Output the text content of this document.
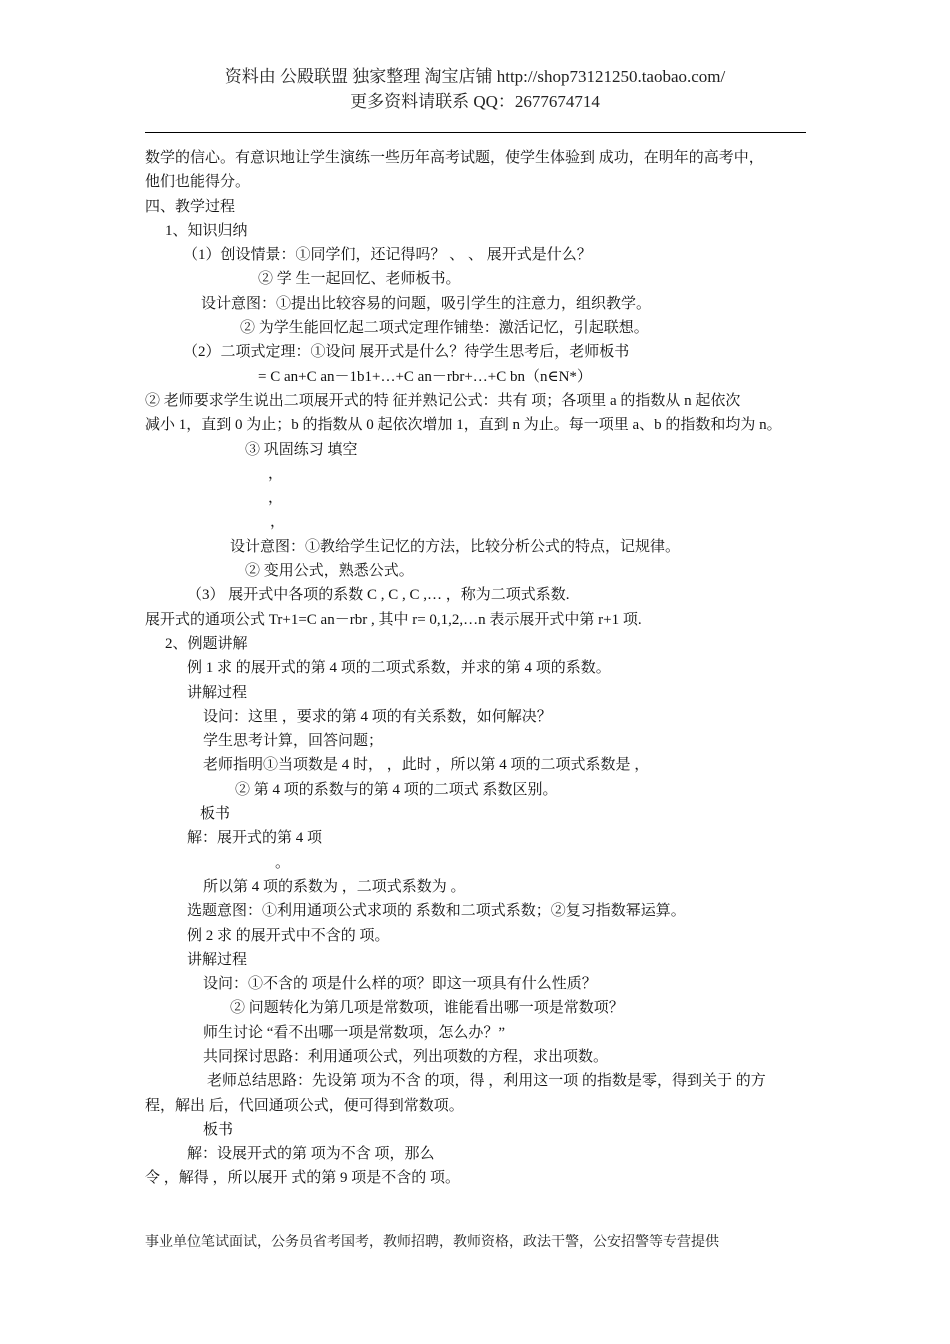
资料由 公殿联盟 独家整理 淘宝店铺 http://shop73121250.taobao.com/
更多资料请联系 QQ：2677674714
数学的信心。有意识地让学生演练一些历年高考试题，使学生体验到 成功，在明年的高考中，
他们也能得分。
四、教学过程
1、知识归纳
（1）创设情景：①同学们，还记得吗？ 、 、 展开式是什么？
② 学 生一起回忆、老师板书。
设计意图：①提出比较容易的问题，吸引学生的注意力，组织教学。
② 为学生能回忆起二项式定理作铺垫：激活记忆，引起联想。
（2）二项式定理：①设问 展开式是什么？待学生思考后，老师板书
= C an+C an－1b1+…+C an－rbr+…+C bn（n∈N*）
② 老师要求学生说出二项展开式的特 征并熟记公式：共有 项；各项里 a 的指数从 n 起依次
减小 1，直到 0 为止；b 的指数从 0 起依次增加 1，直到 n 为止。每一项里 a、b 的指数和均为 n。
③ 巩固练习 填空
，
，
，
设计意图：①教给学生记忆的方法，比较分析公式的特点，记规律。
② 变用公式，熟悉公式。
（3） 展开式中各项的系数 C , C , C ,… ，称为二项式系数.
展开式的通项公式 Tr+1=C an－rbr , 其中 r= 0,1,2,…n 表示展开式中第 r+1 项.
2、例题讲解
例 1 求 的展开式的第 4 项的二项式系数，并求的第 4 项的系数。
讲解过程
设问：这里 ，要求的第 4 项的有关系数，如何解决？
学生思考计算，回答问题；
老师指明①当项数是 4 时， ，此时 ，所以第 4 项的二项式系数是 ，
② 第 4 项的系数与的第 4 项的二项式 系数区别。
板书
解：展开式的第 4 项
。
所以第 4 项的系数为 ，二项式系数为 。
选题意图：①利用通项公式求项的 系数和二项式系数；②复习指数幂运算。
例 2 求 的展开式中不含的 项。
讲解过程
设问：①不含的 项是什么样的项？即这一项具有什么性质？
② 问题转化为第几项是常数项，谁能看出哪一项是常数项？
师生讨论 “看不出哪一项是常数项，怎么办？”
共同探讨思路：利用通项公式，列出项数的方程，求出项数。
老师总结思路：先设第 项为不含 的项，得 ，利用这一项 的指数是零，得到关于 的方
程，解出 后，代回通项公式，便可得到常数项。
板书
解：设展开式的第 项为不含 项，那么
令 ，解得 ，所以展开 式的第 9 项是不含的 项。
事业单位笔试面试，公务员省考国考，教师招聘，教师资格，政法干警，公安招警等专营提供
